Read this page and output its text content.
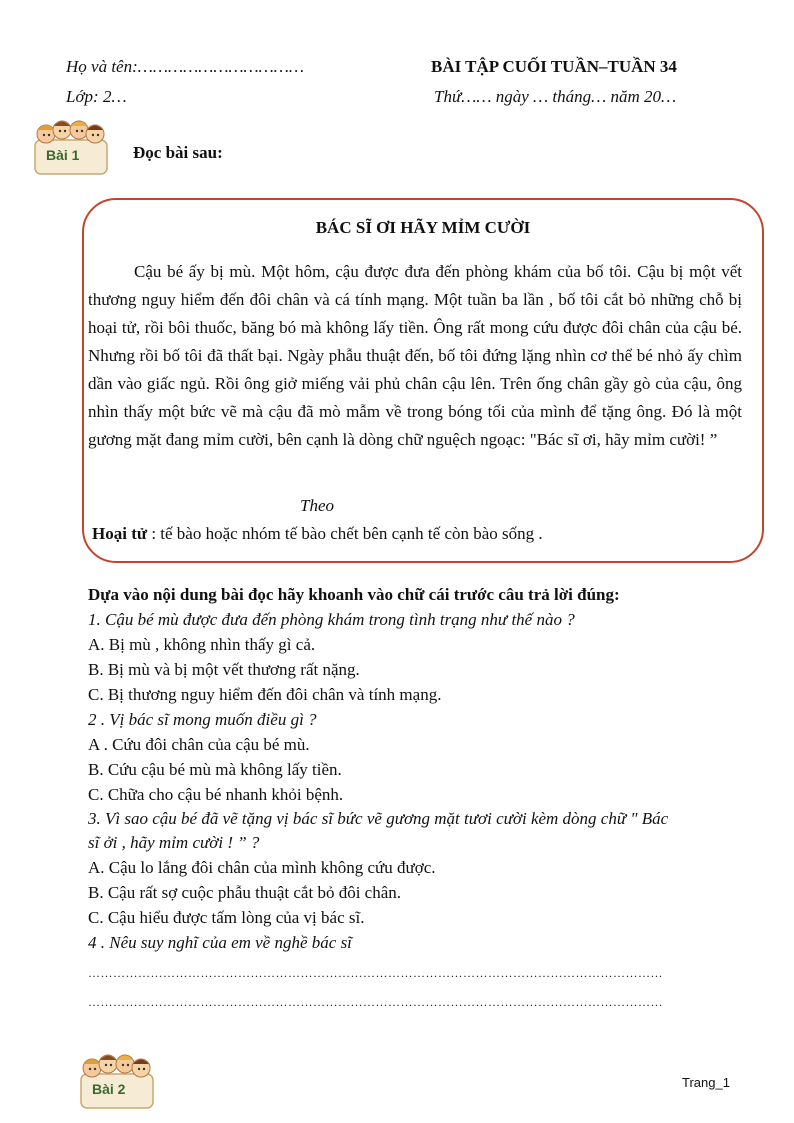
Họ và tên:……………………………
Lớp: 2…
BÀI TẬP CUỐI TUẦN–TUẦN 34
Thứ…… ngày … tháng… năm 20…
Bài 1	Đọc bài sau:
BÁC SĨ ƠI HÃY MỈM CƯỜI

Cậu bé ấy bị mù. Một hôm, cậu được đưa đến phòng khám của bố tôi. Cậu bị một vết thương nguy hiểm đến đôi chân và cá tính mạng. Một tuần ba lần , bố tôi cắt bỏ những chỗ bị hoại tử, rồi bôi thuốc, băng bó mà không lấy tiền. Ông rất mong cứu được đôi chân của cậu bé. Nhưng rồi bố tôi đã thất bại. Ngày phẫu thuật đến, bố tôi đứng lặng nhìn cơ thể bé nhỏ ấy chìm dần vào giấc ngủ. Rồi ông giở miếng vải phủ chân cậu lên. Trên ống chân gầy gò của cậu, ông nhìn thấy một bức vẽ mà cậu đã mò mẫm về trong bóng tối của mình để tặng ông. Đó là một gương mặt đang mỉm cười, bên cạnh là dòng chữ nguệch ngoạc: "Bác sĩ ơi, hãy mỉm cười! ”

Theo
Hoại tử : tế bào hoặc nhóm tế bào chết bên cạnh tế còn bào sống .
Dựa vào nội dung bài đọc hãy khoanh vào chữ cái trước câu trả lời đúng:
1. Cậu bé mù được đưa đến phòng khám trong tình trạng như thế nào ?
A. Bị mù , không nhìn thấy gì cả.
B. Bị mù và bị một vết thương rất nặng.
C. Bị thương nguy hiểm đến đôi chân và tính mạng.
2 . Vị bác sĩ mong muốn điều gì ?
A . Cứu đôi chân của cậu bé mù.
B. Cứu cậu bé mù mà không lấy tiền.
C. Chữa cho cậu bé nhanh khỏi bệnh.
3. Vì sao cậu bé đã vẽ tặng vị bác sĩ bức vẽ gương mặt tươi cười kèm dòng chữ " Bác
sĩ ởi , hãy mỉm cười ! ” ?
A. Cậu lo lắng đôi chân của mình không cứu được.
B. Cậu rất sợ cuộc phẫu thuật cắt bỏ đôi chân.
C. Cậu hiểu được tấm lòng của vị bác sĩ.
4 . Nêu suy nghĩ của em về nghề bác sĩ
…………………………………………………………………………………………………………………………
…………………………………………………………………………………………………………………………
Bài 2	Trang_1
